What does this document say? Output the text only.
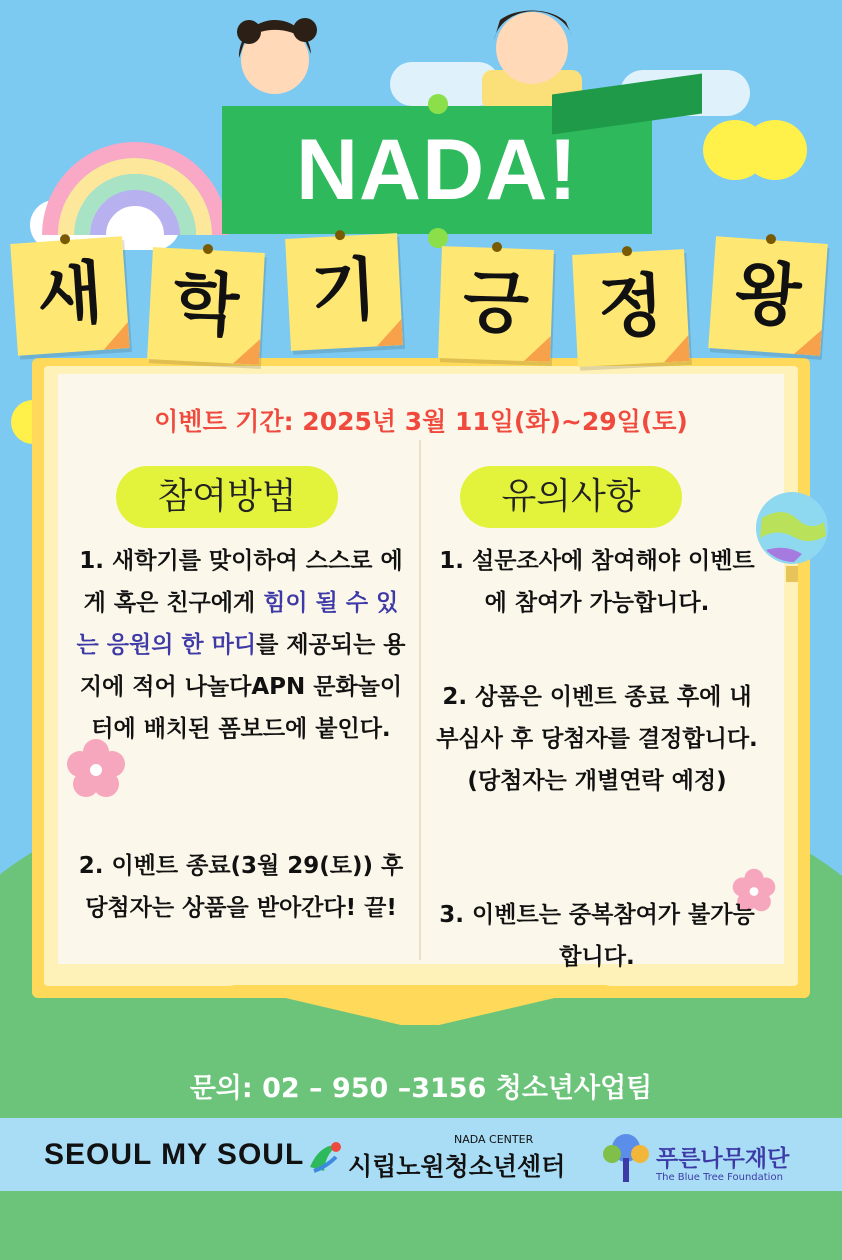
NADA!
새 학	기	긍 정 왕
이벤트 기간: 2025년 3월 11일(화)~29일(토)
참여방법	유의사항
1. 새학기를 맞이하여 스스로 에게 혹은 친구에게 힘이 될 수 있는 응원의 한 마디를 제공되는 용지에 적어 나놀다APN 문화놀이터에 배치된 폼보드에 붙인다.
2. 이벤트 종료(3월 29(토)) 후 당첨자는 상품을 받아간다! 끝!
1. 설문조사에 참여해야 이벤트에 참여가 가능합니다.
2. 상품은 이벤트 종료 후에 내부심사 후 당첨자를 결정합니다.(당첨자는 개별연락 예정)
3. 이벤트는 중복참여가 불가능합니다.
문의: 02 – 950 –3156 청소년사업팀
SEOUL MY SOUL	NADA CENTER
시립노원청소년센터	푸른나무재단
The Blue Tree Foundation
